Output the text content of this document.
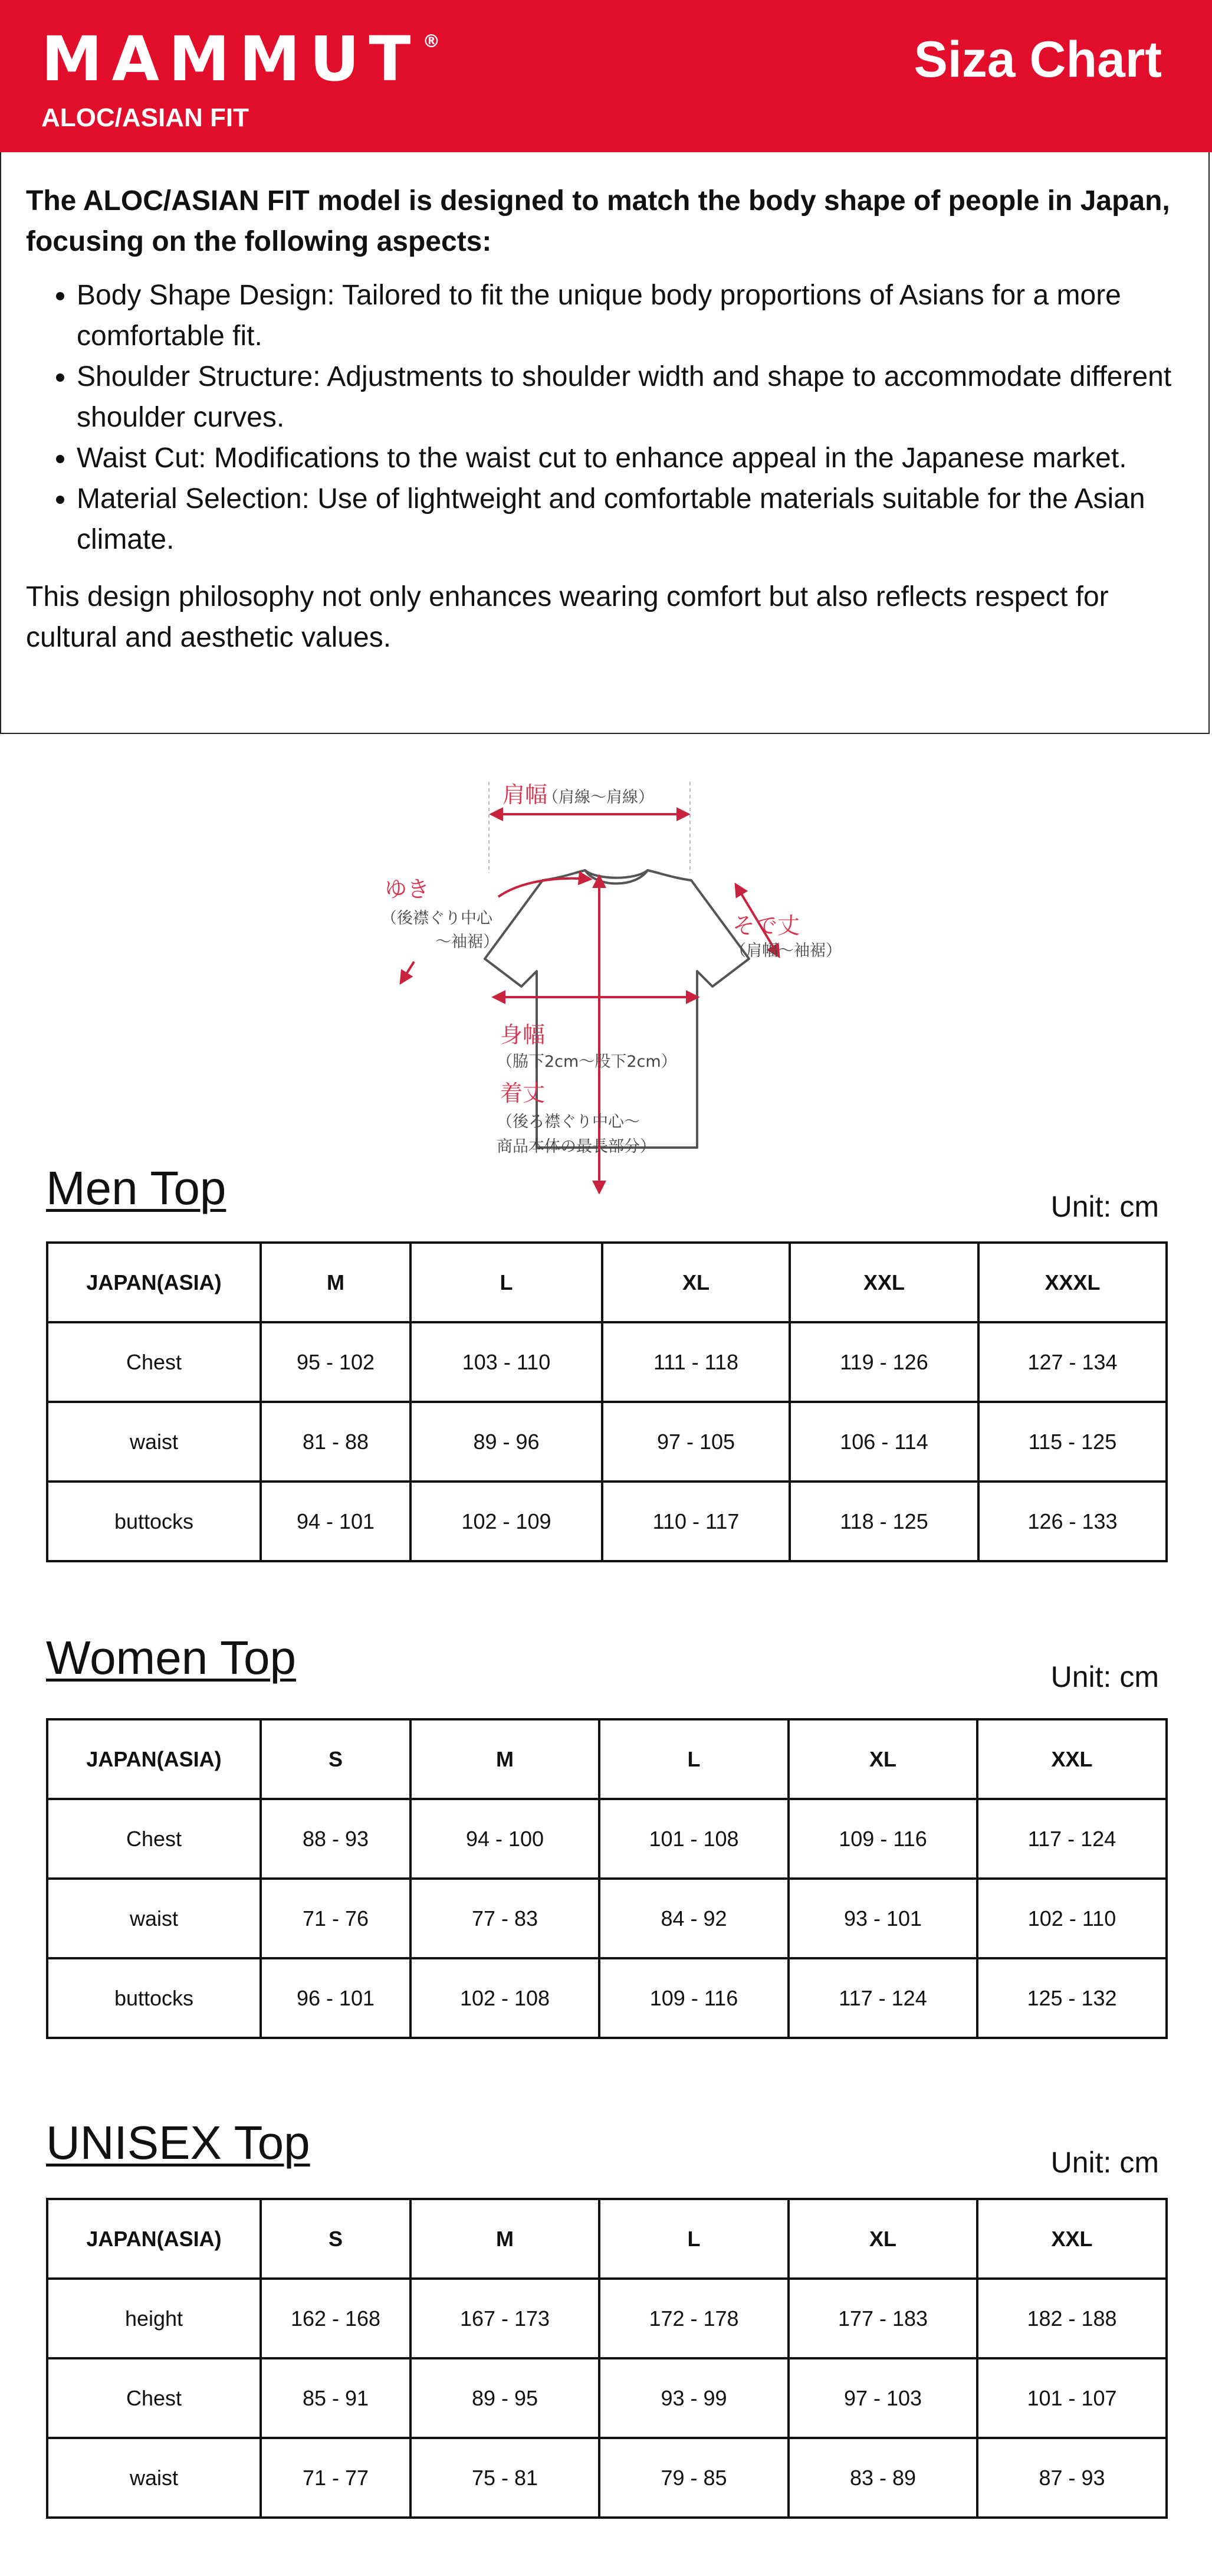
MAMMUT ®
ALOC/ASIAN FIT
Siza Chart

The ALOC/ASIAN FIT model is designed to match the body shape of people in Japan, focusing on the following aspects:

• Body Shape Design: Tailored to fit the unique body proportions of Asians for a more comfortable fit.
• Shoulder Structure: Adjustments to shoulder width and shape to accommodate different shoulder curves.
• Waist Cut: Modifications to the waist cut to enhance appeal in the Japanese market.
• Material Selection: Use of lightweight and comfortable materials suitable for the Asian climate.

This design philosophy not only enhances wearing comfort but also reflects respect for cultural and aesthetic values.

肩幅
（肩線～肩線）
ゆき
（後襟ぐり中心
～袖裾）
そで丈
（肩幅～袖裾）
身幅
（脇下2cm～股下2cm）
着丈
（後ろ襟ぐり中心～
商品本体の最長部分）
Men Top	Unit: cm
JAPAN(ASIA)	M	L	XL	XXL	XXXL
Chest	95 - 102	103 - 110	111 - 118	119 - 126	127 - 134
waist	81 - 88	89 - 96	97 - 105	106 - 114	115 - 125
buttocks	94 - 101	102 - 109	110 - 117	118 - 125	126 - 133
Women Top	Unit: cm
JAPAN(ASIA)	S	M	L	XL	XXL
Chest	88 - 93	94 - 100	101 - 108	109 - 116	117 - 124
waist	71 - 76	77 - 83	84 - 92	93 - 101	102 - 110
buttocks	96 - 101	102 - 108	109 - 116	117 - 124	125 - 132
UNISEX Top	Unit: cm
JAPAN(ASIA)	S	M	L	XL	XXL
height	162 - 168	167 - 173	172 - 178	177 - 183	182 - 188
Chest	85 - 91	89 - 95	93 - 99	97 - 103	101 - 107
waist	71 - 77	75 - 81	79 - 85	83 - 89	87 - 93
